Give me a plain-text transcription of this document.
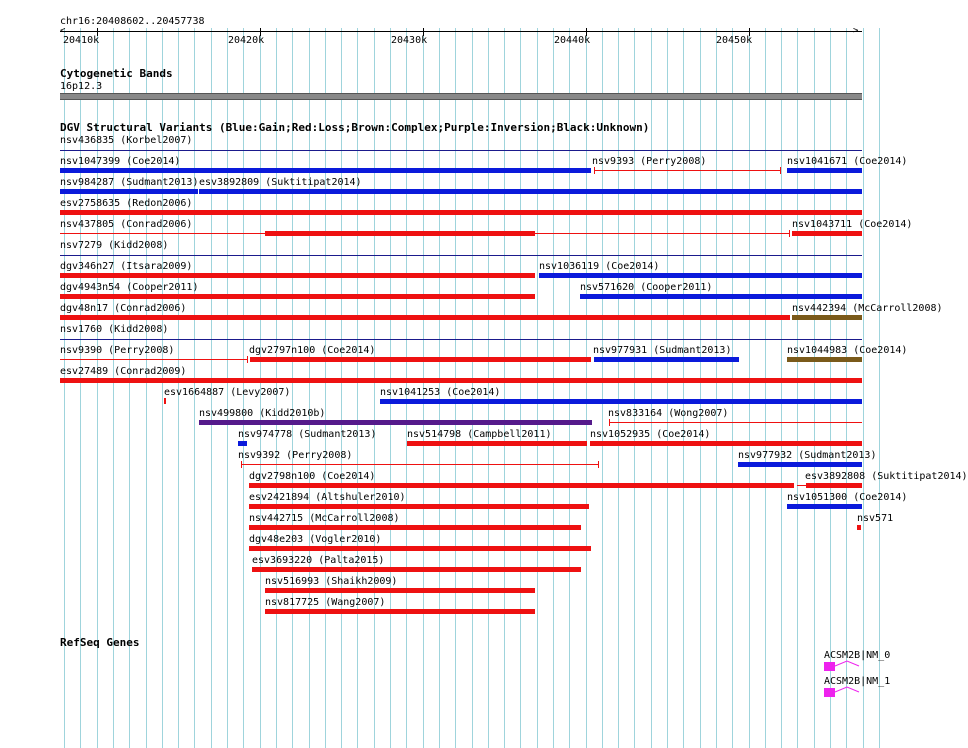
chr16:20408602..20457738
<	>
20410k	20420k	20430k	20440k	20450k
Cytogenetic Bands
16p12.3
DGV Structural Variants (Blue:Gain;Red:Loss;Brown:Complex;Purple:Inversion;Black:Unknown)
nsv436835 (Korbel2007)
nsv1047399 (Coe2014)	nsv9393 (Perry2008)	nsv1041671 (Coe2014)
nsv984287 (Sudmant2013) esv3892809 (Suktitipat2014)
esv2758635 (Redon2006)
nsv437805 (Conrad2006)	nsv1043711 (Coe2014)
nsv7279 (Kidd2008)
dgv346n27 (Itsara2009)	nsv1036119 (Coe2014)
dgv4943n54 (Cooper2011)	nsv571620 (Cooper2011)
dgv48n17 (Conrad2006)	nsv442394 (McCarroll2008)
nsv1760 (Kidd2008)
nsv9390 (Perry2008)	dgv2797n100 (Coe2014)	nsv977931 (Sudmant2013)	nsv1044983 (Coe2014)
esv27489 (Conrad2009)
esv1664887 (Levy2007)	nsv1041253 (Coe2014)
nsv499800 (Kidd2010b)	nsv833164 (Wong2007)
nsv974778 (Sudmant2013)	nsv514798 (Campbell2011)	nsv1052935 (Coe2014)
nsv9392 (Perry2008)	nsv977932 (Sudmant2013)
dgv2798n100 (Coe2014)	esv3892808 (Suktitipat2014)
esv2421894 (Altshuler2010)	nsv1051300 (Coe2014)
nsv442715 (McCarroll2008)	nsv571
dgv48e203 (Vogler2010)
esv3693220 (Palta2015)
nsv516993 (Shaikh2009)
nsv817725 (Wang2007)
RefSeq Genes
ACSM2B|NM_0
ACSM2B|NM_1
